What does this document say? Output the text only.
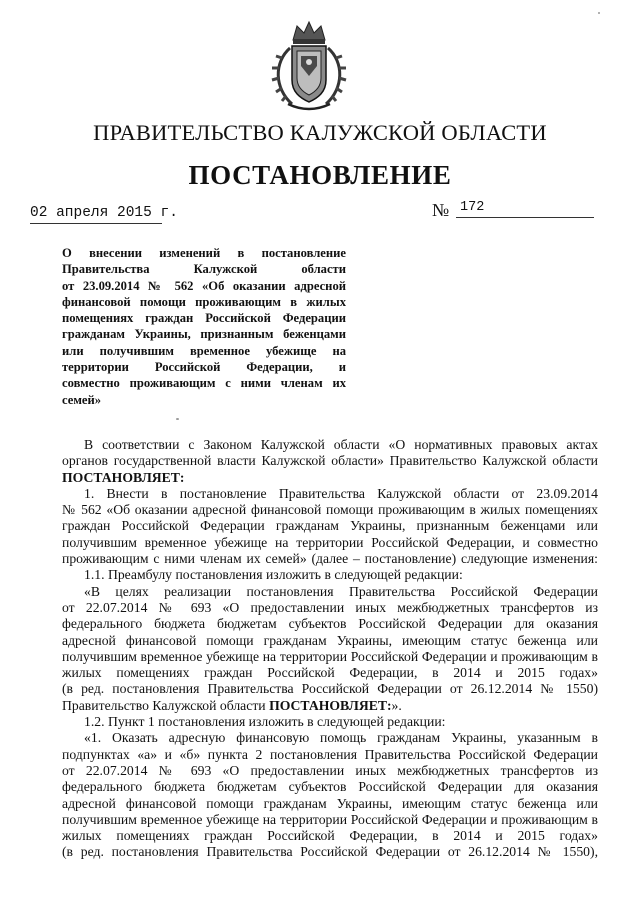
ПРАВИТЕЛЬСТВО КАЛУЖСКОЙ ОБЛАСТИ
ПОСТАНОВЛЕНИЕ
02 апреля 2015 г.	№ 172
О внесении изменений в постановление
Правительства Калужской области
от 23.09.2014 № 562 «Об оказании адресной
финансовой помощи проживающим в жилых
помещениях граждан Российской Федерации
гражданам Украины, признанным беженцами
или получившим временное убежище на
территории Российской Федерации, и
совместно проживающим с ними членам их
семей»
В соответствии с Законом Калужской области «О нормативных правовых актах
органов государственной власти Калужской области» Правительство Калужской области
ПОСТАНОВЛЯЕТ:
1. Внести в постановление Правительства Калужской области от 23.09.2014
№ 562 «Об оказании адресной финансовой помощи проживающим в жилых помещениях
граждан Российской Федерации гражданам Украины, признанным беженцами или
получившим временное убежище на территории Российской Федерации, и совместно
проживающим с ними членам их семей» (далее – постановление) следующие изменения:
1.1. Преамбулу постановления изложить в следующей редакции:
«В целях реализации постановления Правительства Российской Федерации
от 22.07.2014 № 693 «О предоставлении иных межбюджетных трансфертов из
федерального бюджета бюджетам субъектов Российской Федерации для оказания
адресной финансовой помощи гражданам Украины, имеющим статус беженца или
получившим временное убежище на территории Российской Федерации и проживающим в
жилых помещениях граждан Российской Федерации, в 2014 и 2015 годах»
(в ред. постановления Правительства Российской Федерации от 26.12.2014 № 1550)
Правительство Калужской области ПОСТАНОВЛЯЕТ:».
1.2. Пункт 1 постановления изложить в следующей редакции:
«1. Оказать адресную финансовую помощь гражданам Украины, указанным в
подпунктах «а» и «б» пункта 2 постановления Правительства Российской Федерации
от 22.07.2014 № 693 «О предоставлении иных межбюджетных трансфертов из
федерального бюджета бюджетам субъектов Российской Федерации для оказания
адресной финансовой помощи гражданам Украины, имеющим статус беженца или
получившим временное убежище на территории Российской Федерации и проживающим в
жилых помещениях граждан Российской Федерации, в 2014 и 2015 годах»
(в ред. постановления Правительства Российской Федерации от 26.12.2014 № 1550),
